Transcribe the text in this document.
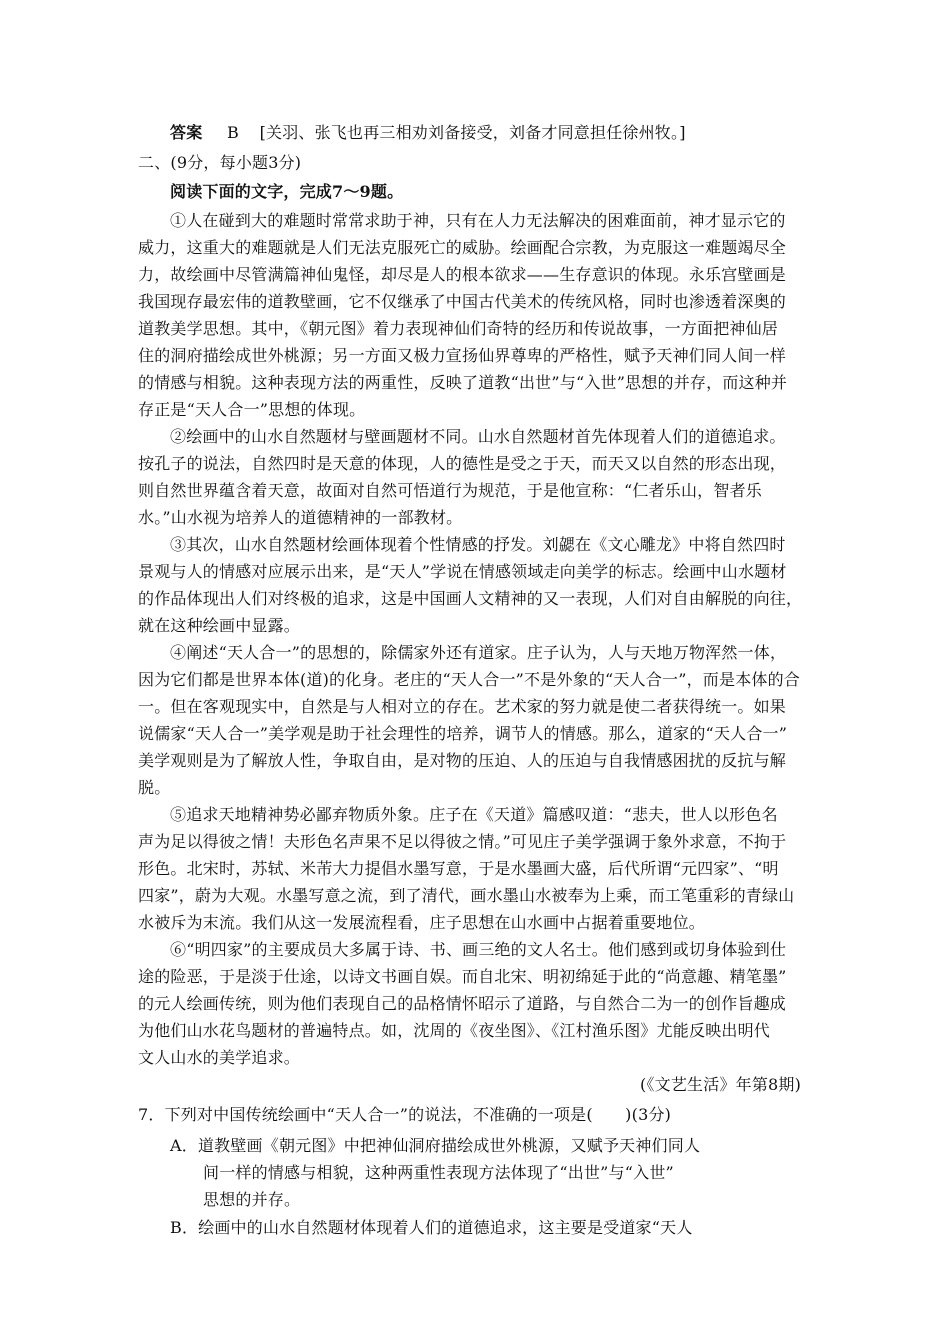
答案 B [关羽、张飞也再三相劝刘备接受，刘备才同意担任徐州牧。]
二、(9分，每小题3分)
阅读下面的文字，完成7～9题。
①人在碰到大的难题时常常求助于神，只有在人力无法解决的困难面前，神才显示它的
威力，这重大的难题就是人们无法克服死亡的威胁。绘画配合宗教，为克服这一难题竭尽全
力，故绘画中尽管满篇神仙鬼怪，却尽是人的根本欲求——生存意识的体现。永乐宫壁画是
我国现存最宏伟的道教壁画，它不仅继承了中国古代美术的传统风格，同时也渗透着深奥的
道教美学思想。其中，《朝元图》着力表现神仙们奇特的经历和传说故事，一方面把神仙居
住的洞府描绘成世外桃源；另一方面又极力宣扬仙界尊卑的严格性，赋予天神们同人间一样
的情感与相貌。这种表现方法的两重性，反映了道教“出世”与“入世”思想的并存，而这种并
存正是“天人合一”思想的体现。
②绘画中的山水自然题材与壁画题材不同。山水自然题材首先体现着人们的道德追求。
按孔子的说法，自然四时是天意的体现，人的德性是受之于天，而天又以自然的形态出现，
则自然世界蕴含着天意，故面对自然可悟道行为规范，于是他宣称：“仁者乐山，智者乐
水。”山水视为培养人的道德精神的一部教材。
③其次，山水自然题材绘画体现着个性情感的抒发。刘勰在《文心雕龙》中将自然四时
景观与人的情感对应展示出来，是“天人”学说在情感领域走向美学的标志。绘画中山水题材
的作品体现出人们对终极的追求，这是中国画人文精神的又一表现，人们对自由解脱的向往，
就在这种绘画中显露。
④阐述“天人合一”的思想的，除儒家外还有道家。庄子认为，人与天地万物浑然一体，
因为它们都是世界本体(道)的化身。老庄的“天人合一”不是外象的“天人合一”，而是本体的合
一。但在客观现实中，自然是与人相对立的存在。艺术家的努力就是使二者获得统一。如果
说儒家“天人合一”美学观是助于社会理性的培养，调节人的情感。那么，道家的“天人合一”
美学观则是为了解放人性，争取自由，是对物的压迫、人的压迫与自我情感困扰的反抗与解
脱。
⑤追求天地精神势必鄙弃物质外象。庄子在《天道》篇感叹道：“悲夫，世人以形色名
声为足以得彼之情！夫形色名声果不足以得彼之情。”可见庄子美学强调于象外求意，不拘于
形色。北宋时，苏轼、米芾大力提倡水墨写意，于是水墨画大盛，后代所谓“元四家”、“明
四家”，蔚为大观。水墨写意之流，到了清代，画水墨山水被奉为上乘，而工笔重彩的青绿山
水被斥为末流。我们从这一发展流程看，庄子思想在山水画中占据着重要地位。
⑥“明四家”的主要成员大多属于诗、书、画三绝的文人名士。他们感到或切身体验到仕
途的险恶，于是淡于仕途，以诗文书画自娱。而自北宋、明初绵延于此的“尚意趣、精笔墨”
的元人绘画传统，则为他们表现自己的品格情怀昭示了道路，与自然合二为一的创作旨趣成
为他们山水花鸟题材的普遍特点。如，沈周的《夜坐图》、《江村渔乐图》尤能反映出明代
文人山水的美学追求。
(《文艺生活》年第8期)
7．下列对中国传统绘画中“天人合一”的说法，不准确的一项是(　　)(3分)
A．道教壁画《朝元图》中把神仙洞府描绘成世外桃源，又赋予天神们同人
间一样的情感与相貌，这种两重性表现方法体现了“出世”与“入世”
思想的并存。
B．绘画中的山水自然题材体现着人们的道德追求，这主要是受道家“天人
